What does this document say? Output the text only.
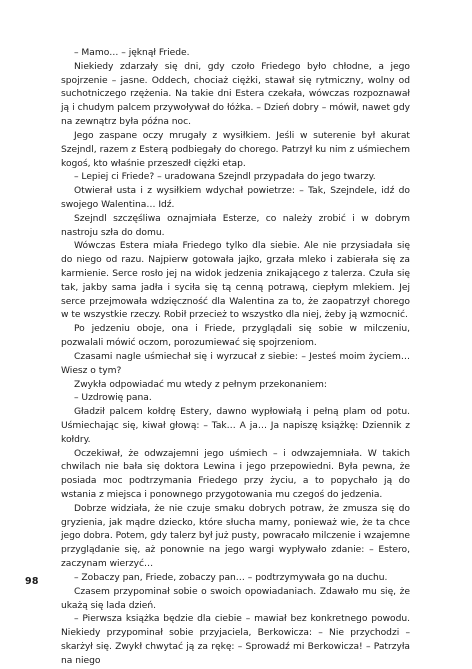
– Mamo… – jęknął Friede.

Niekiedy zdarzały się dni, gdy czoło Friedego było chłodne, a jego spojrzenie – jasne. Oddech, chociaż ciężki, stawał się rytmiczny, wolny od suchotniczego rzężenia. Na takie dni Estera czekała, wówczas rozpoznawał ją i chudym palcem przywoływał do łóżka. – Dzień dobry – mówił, nawet gdy na zewnątrz była późna noc.

Jego zaspane oczy mrugały z wysiłkiem. Jeśli w suterenie był akurat Szejndl, razem z Esterą podbiegały do chorego. Patrzył ku nim z uśmiechem kogoś, kto właśnie przeszedł ciężki etap.

– Lepiej ci Friede? – uradowana Szejndl przypadała do jego twarzy.

Otwierał usta i z wysiłkiem wdychał powietrze: – Tak, Szejndele, idź do swojego Walentina… Idź.

Szejndl szczęśliwa oznajmiała Esterze, co należy zrobić i w dobrym nastroju szła do domu.

Wówczas Estera miała Friedego tylko dla siebie. Ale nie przysiadała się do niego od razu. Najpierw gotowała jajko, grzała mleko i zabierała się za karmienie. Serce rosło jej na widok jedzenia znikającego z talerza. Czuła się tak, jakby sama jadła i syciła się tą cenną potrawą, ciepłym mlekiem. Jej serce przejmowała wdzięczność dla Walentina za to, że zaopatrzył chorego w te wszystkie rzeczy. Robił przecież to wszystko dla niej, żeby ją wzmocnić.

Po jedzeniu oboje, ona i Friede, przyglądali się sobie w milczeniu, pozwalali mówić oczom, porozumiewać się spojrzeniom.

Czasami nagle uśmiechał się i wyrzucał z siebie: – Jesteś moim życiem… Wiesz o tym?

Zwykła odpowiadać mu wtedy z pełnym przekonaniem:

– Uzdrowię pana.

Gładził palcem kołdrę Estery, dawno wypłowiałą i pełną plam od potu. Uśmiechając się, kiwał głową: – Tak… A ja… Ja napiszę książkę: Dziennik z kołdry.

Oczekiwał, że odwzajemni jego uśmiech – i odwzajemniała. W takich chwilach nie bała się doktora Lewina i jego przepowiedni. Była pewna, że posiada moc podtrzymania Friedego przy życiu, a to popychało ją do wstania z miejsca i ponownego przygotowania mu czegoś do jedzenia.

Dobrze widziała, że nie czuje smaku dobrych potraw, że zmusza się do gryzienia, jak mądre dziecko, które słucha mamy, ponieważ wie, że ta chce jego dobra. Potem, gdy talerz był już pusty, powracało milczenie i wzajemne przyglądanie się, aż ponownie na jego wargi wypływało zdanie: – Estero, zaczynam wierzyć…

– Zobaczy pan, Friede, zobaczy pan… – podtrzymywała go na duchu.

Czasem przypominał sobie o swoich opowiadaniach. Zdawało mu się, że ukażą się lada dzień.

– Pierwsza książka będzie dla ciebie – mawiał bez konkretnego powodu. Niekiedy przypominał sobie przyjaciela, Berkowicza: – Nie przychodzi – skarżył się. Zwykł chwytać ją za rękę: – Sprowadź mi Berkowicza! – Patrzyła na niego

98
